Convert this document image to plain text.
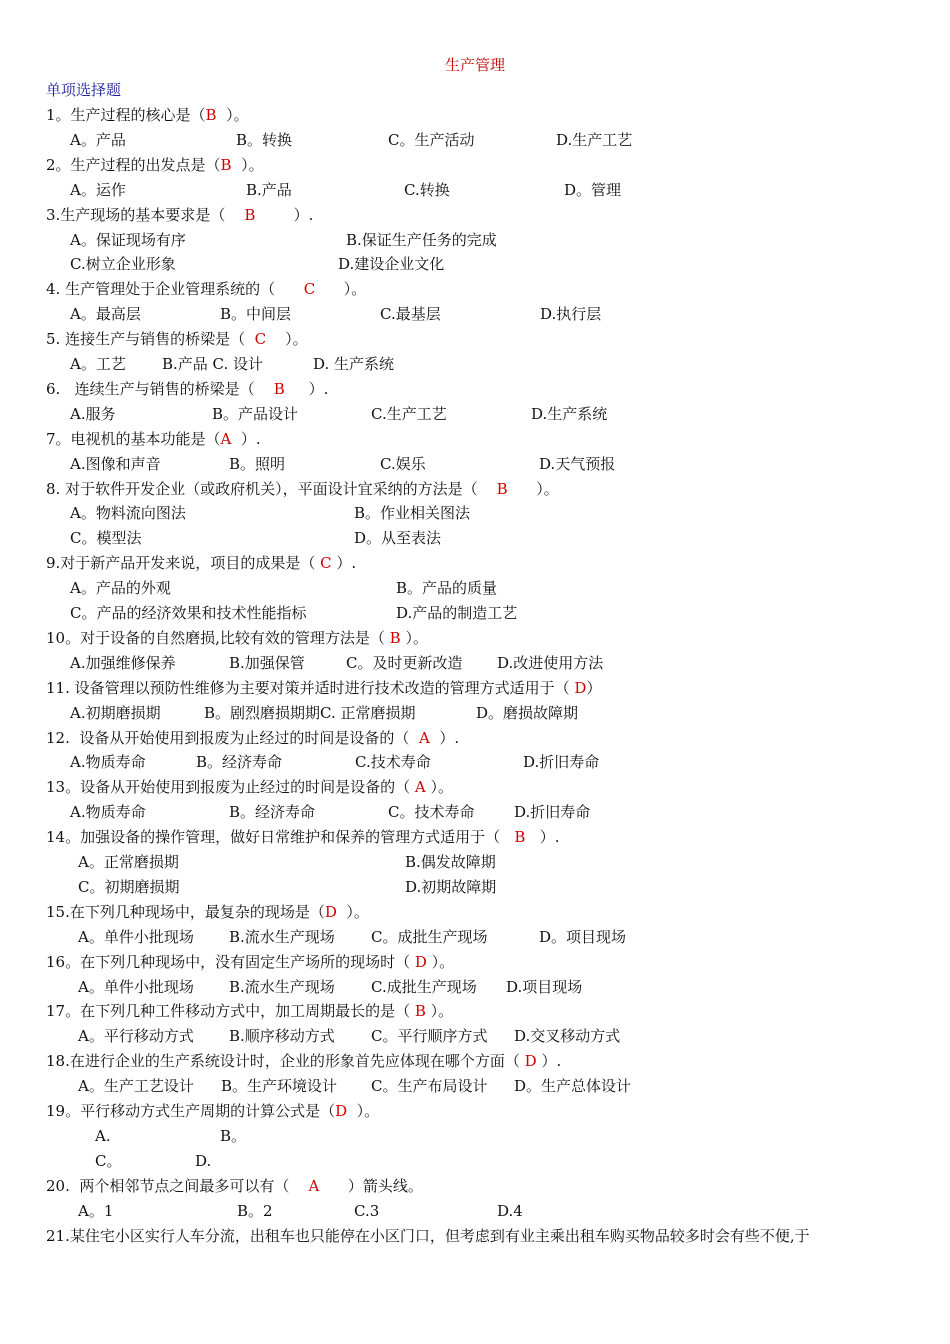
生产管理
单项选择题
1。生产过程的核心是（B  ）。
A。产品	B。转换	C。生产活动	D.生产工艺
2。生产过程的出发点是（B  ）。
A。运作	B.产品	C.转换	D。管理
3.生产现场的基本要求是（    B        ）.
A。保证现场有序	B.保证生产任务的完成
C.树立企业形象	D.建设企业文化
4. 生产管理处于企业管理系统的（      C      ）。
A。最高层	B。中间层	C.最基层	D.执行层
5. 连接生产与销售的桥梁是（  C    ）。
A。工艺 B.产品 C. 设计	D. 生产系统
6.   连续生产与销售的桥梁是（    B     ）.
A.服务	B。产品设计	C.生产工艺	D.生产系统
7。电视机的基本功能是（A  ）.
A.图像和声音	B。照明	C.娱乐	D.天气预报
8. 对于软件开发企业（或政府机关），平面设计宜采纳的方法是（    B      ）。
A。物料流向图法	B。作业相关图法
C。模型法	D。从至表法
9.对于新产品开发来说，项目的成果是（ C ）.
A。产品的外观	B。产品的质量
C。产品的经济效果和技术性能指标	D.产品的制造工艺
10。对于设备的自然磨损,比较有效的管理方法是（ B ）。
A.加强维修保养	B.加强保管	C。及时更新改造 D.改进使用方法
11. 设备管理以预防性维修为主要对策并适时进行技术改造的管理方式适用于（ D）
A.初期磨损期	B。剧烈磨损期期C. 正常磨损期	D。磨损故障期
12.  设备从开始使用到报废为止经过的时间是设备的（  A  ）.
A.物质寿命	B。经济寿命	C.技术寿命	D.折旧寿命
13。设备从开始使用到报废为止经过的时间是设备的（ A ）。
A.物质寿命	B。经济寿命	C。技术寿命	D.折旧寿命
14。加强设备的操作管理，做好日常维护和保养的管理方式适用于（   B   ）.
A。正常磨损期	B.偶发故障期
C。初期磨损期	D.初期故障期
15.在下列几种现场中，最复杂的现场是（D  ）。
A。单件小批现场 B.流水生产现场 C。成批生产现场	D。项目现场
16。在下列几种现场中，没有固定生产场所的现场时（ D ）。
A。单件小批现场 B.流水生产现场 C.成批生产现场 D.项目现场
17。在下列几种工件移动方式中，加工周期最长的是（ B ）。
A。平行移动方式 B.顺序移动方式 C。平行顺序方式 D.交叉移动方式
18.在进行企业的生产系统设计时，企业的形象首先应体现在哪个方面（ D ）.
A。生产工艺设计 B。生产环境设计 C。生产布局设计 D。生产总体设计
19。平行移动方式生产周期的计算公式是（D  ）。
A.	B。
C。	D.
20.  两个相邻节点之间最多可以有（    A      ）箭头线。
A。1	B。2	C.3	D.4
21.某住宅小区实行人车分流，出租车也只能停在小区门口，但考虑到有业主乘出租车购买物品较多时会有些不便,于
